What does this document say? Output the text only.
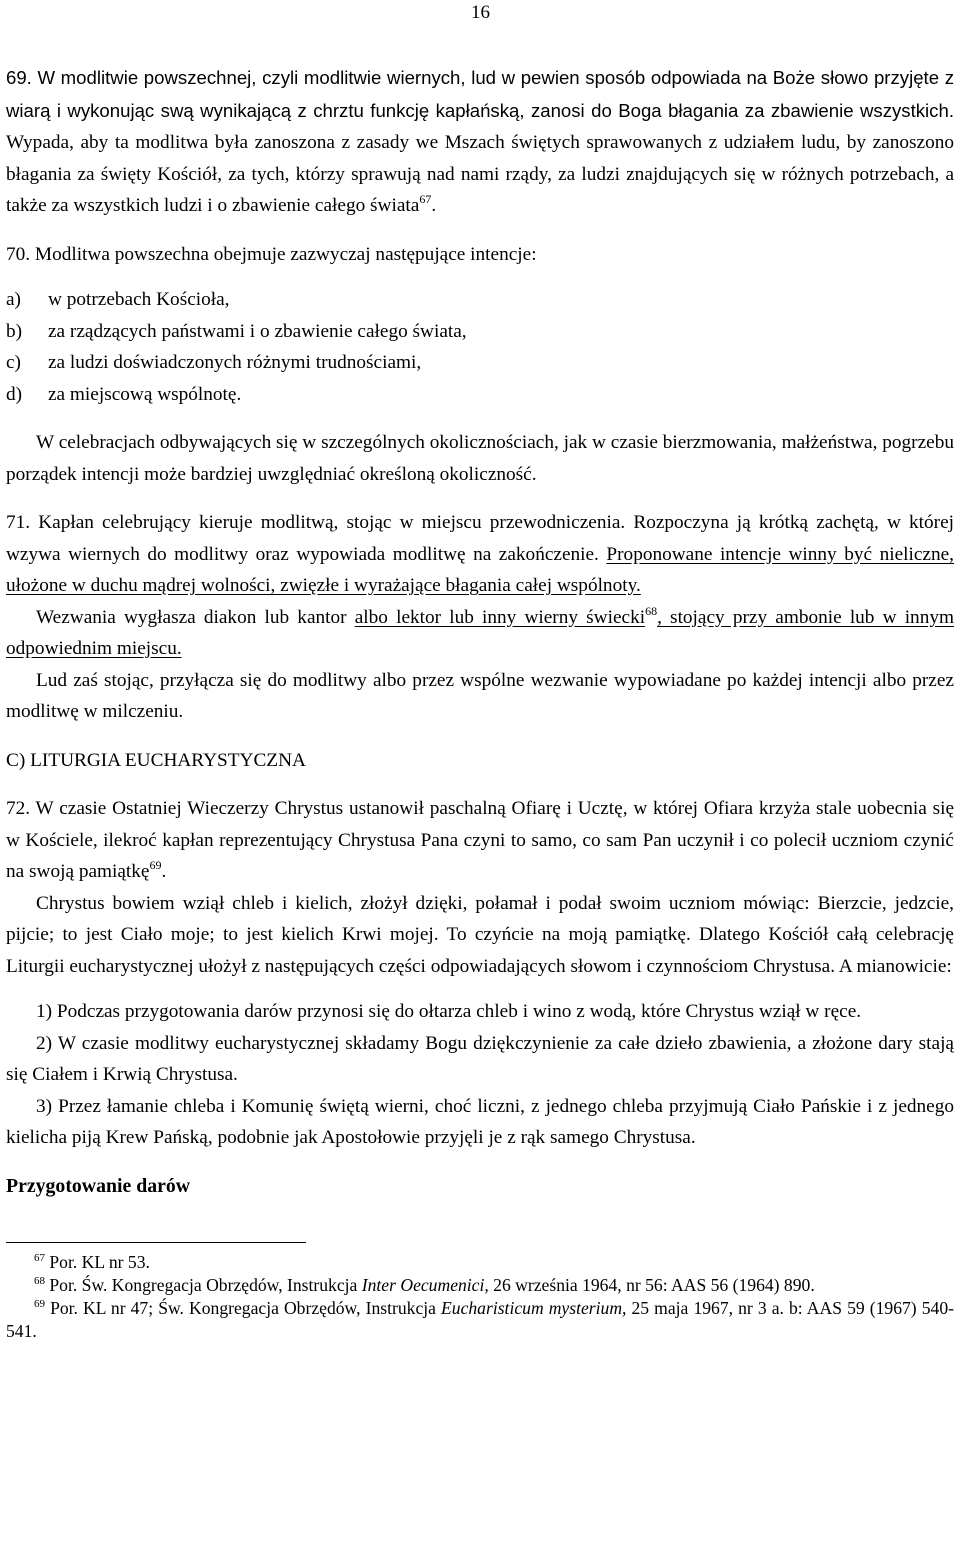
16

69. W modlitwie powszechnej, czyli modlitwie wiernych, lud w pewien sposób odpowiada na Boże słowo przyjęte z wiarą i wykonując swą wynikającą z chrztu funkcję kapłańską, zanosi do Boga błagania za zbawienie wszystkich. Wypada, aby ta modlitwa była zanoszona z zasady we Mszach świętych sprawowanych z udziałem ludu, by zanoszono błagania za święty Kościół, za tych, którzy sprawują nad nami rządy, za ludzi znajdujących się w różnych potrzebach, a także za wszystkich ludzi i o zbawienie całego świata$^{67}$.

70. Modlitwa powszechna obejmuje zazwyczaj następujące intencje:

a)	w potrzebach Kościoła,
b)	za rządzących państwami i o zbawienie całego świata,
c)	za ludzi doświadczonych różnymi trudnościami,
d)	za miejscową wspólnotę.

W celebracjach odbywających się w szczególnych okolicznościach, jak w czasie bierzmowania, małżeństwa, pogrzebu porządek intencji może bardziej uwzględniać określoną okoliczność.

71. Kapłan celebrujący kieruje modlitwą, stojąc w miejscu przewodniczenia. Rozpoczyna ją krótką zachętą, w której wzywa wiernych do modlitwy oraz wypowiada modlitwę na zakończenie. Proponowane intencje winny być nieliczne, ułożone w duchu mądrej wolności, zwięzłe i wyrażające błagania całej wspólnoty.

Wezwania wygłasza diakon lub kantor albo lektor lub inny wierny świecki$^{68}$, stojący przy ambonie lub w innym odpowiednim miejscu.

Lud zaś stojąc, przyłącza się do modlitwy albo przez wspólne wezwanie wypowiadane po każdej intencji albo przez modlitwę w milczeniu.

C) LITURGIA EUCHARYSTYCZNA

72. W czasie Ostatniej Wieczerzy Chrystus ustanowił paschalną Ofiarę i Ucztę, w której Ofiara krzyża stale uobecnia się w Kościele, ilekroć kapłan reprezentujący Chrystusa Pana czyni to samo, co sam Pan uczynił i co polecił uczniom czynić na swoją pamiątkę$^{69}$.

Chrystus bowiem wziął chleb i kielich, złożył dzięki, połamał i podał swoim uczniom mówiąc: Bierzcie, jedzcie, pijcie; to jest Ciało moje; to jest kielich Krwi mojej. To czyńcie na moją pamiątkę. Dlatego Kościół całą celebrację Liturgii eucharystycznej ułożył z następujących części odpowiadających słowom i czynnościom Chrystusa. A mianowicie:

1) Podczas przygotowania darów przynosi się do ołtarza chleb i wino z wodą, które Chrystus wziął w ręce.

2) W czasie modlitwy eucharystycznej składamy Bogu dziękczynienie za całe dzieło zbawienia, a złożone dary stają się Ciałem i Krwią Chrystusa.

3) Przez łamanie chleba i Komunię świętą wierni, choć liczni, z jednego chleba przyjmują Ciało Pańskie i z jednego kielicha piją Krew Pańską, podobnie jak Apostołowie przyjęli je z rąk samego Chrystusa.

Przygotowanie darów

$^{67}$ Por. KL nr 53.

$^{68}$ Por. Św. Kongregacja Obrzędów, Instrukcja Inter Oecumenici, 26 września 1964, nr 56: AAS 56 (1964) 890.

$^{69}$ Por. KL nr 47; Św. Kongregacja Obrzędów, Instrukcja Eucharisticum mysterium, 25 maja 1967, nr 3 a. b: AAS 59 (1967) 540-541.
